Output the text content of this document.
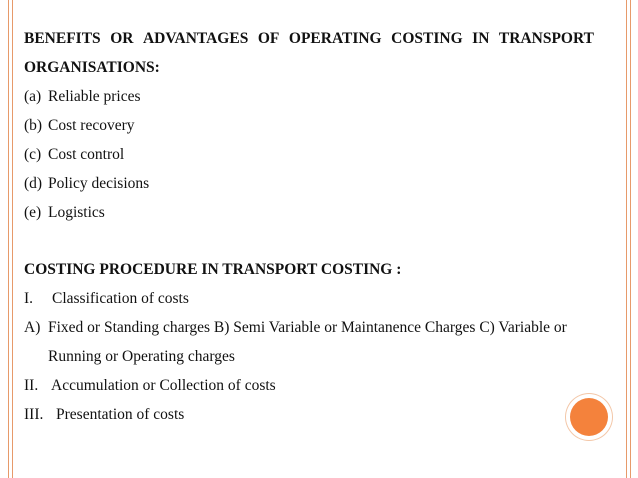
BENEFITS OR ADVANTAGES OF OPERATING COSTING IN TRANSPORT
ORGANISATIONS:
(a) Reliable prices
(b) Cost recovery
(c) Cost control
(d) Policy decisions
(e) Logistics
COSTING PROCEDURE IN TRANSPORT COSTING :
I.	Classification of costs
A) Fixed or Standing charges B) Semi Variable or Maintanence Charges C) Variable or
Running or Operating charges
II. Accumulation or Collection of costs
III. Presentation of costs
